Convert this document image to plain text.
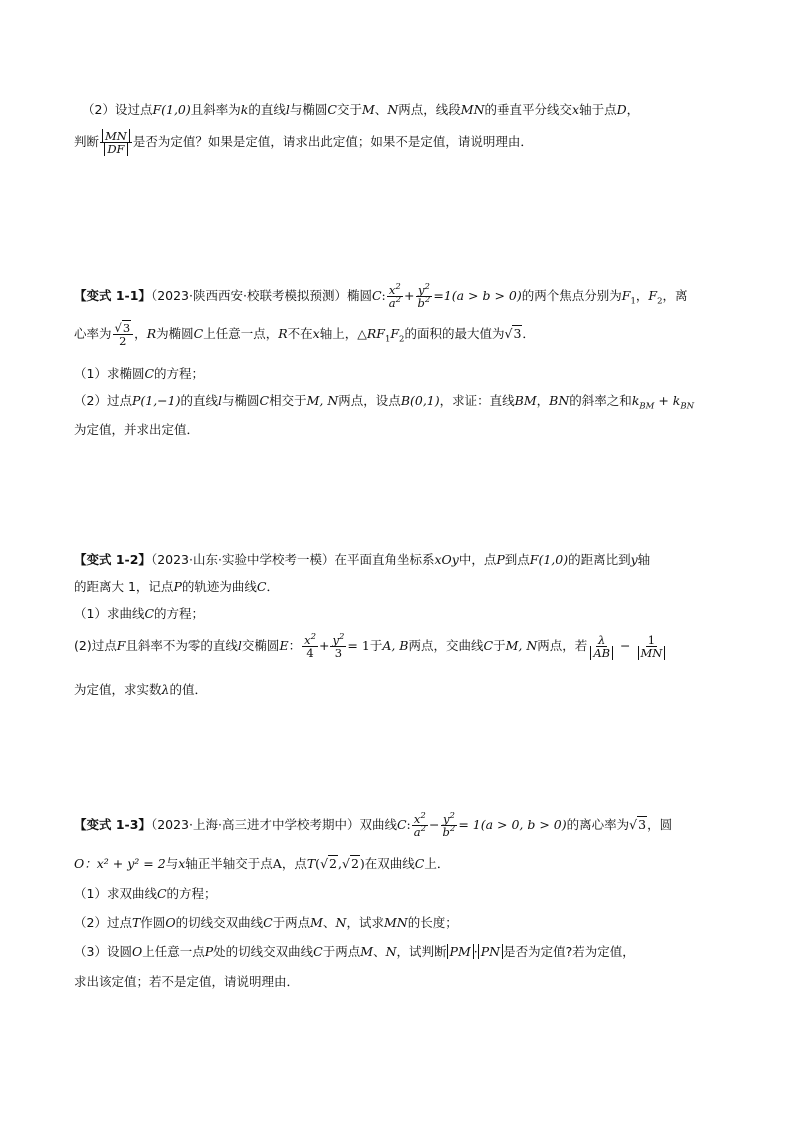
（2）设过点F(1,0)且斜率为k的直线l与椭圆C交于M、N两点，线段MN的垂直平分线交x轴于点D，
判断 $\frac{MN}{DF}$ 是否为定值？如果是定值，请求出此定值；如果不是定值，请说明理由．
【变式 1-1】（2023·陕西西安·校联考模拟预测）椭圆C: $\frac{x^2}{a^2} + \frac{y^2}{b^2} =1(a > b > 0)$的两个焦点分别为$F_1$，$F_2$，离
心率为 $\frac{√3}{2}$ ，R为椭圆C上任意一点，R不在x轴上，$\triangle RF_1F_2$的面积的最大值为√3．
（1）求椭圆C的方程；
（2）过点P(1,−1)的直线l与椭圆C相交于M, N两点，设点B(0,1)，求证：直线BM，BN的斜率之和$k_{BM} + k_{BN}$
为定值，并求出定值．
【变式 1-2】（2023·山东·实验中学校考一模）在平面直角坐标系xOy中，点P到点F(1,0)的距离比到y轴
的距离大 1，记点P的轨迹为曲线C．
（1）求曲线C的方程；
(2)过点F且斜率不为零的直线l交椭圆E： $\frac{x^2}{4} + \frac{y^2}{3} = 1$于A, B两点，交曲线C于M, N两点，若 $\frac{\lambda}{AB} - \frac{1}{MN}$
为定值，求实数λ的值．
【变式 1-3】（2023·上海·高三进才中学校考期中）双曲线C: $\frac{x^2}{a^2} - \frac{y^2}{b^2} = 1(a > 0$, b > 0)的离心率为√3，圆
O：x² + y² = 2与x轴正半轴交于点A，点T(√2,√2)在双曲线C上．
（1）求双曲线C的方程；
（2）过点T作圆O的切线交双曲线C于两点M、N，试求MN的长度；
（3）设圆O上任意一点P处的切线交双曲线C于两点M、N，试判断 PM · PN 是否为定值?若为定值，
求出该定值；若不是定值，请说明理由．
